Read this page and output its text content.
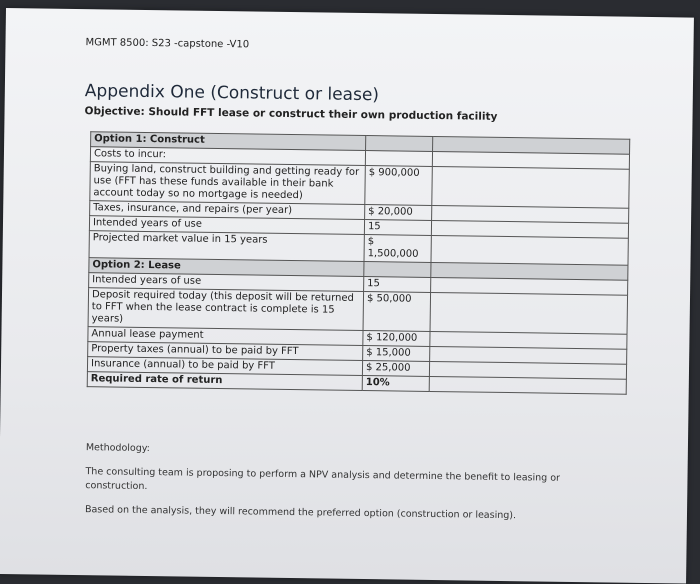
MGMT 8500: S23 -capstone -V10
Appendix One (Construct or lease)
Objective: Should FFT lease or construct their own production facility
Option 1: Construct		
Costs to incur:		
Buying land, construct building and getting ready for use (FFT has these funds available in their bank account today so no mortgage is needed)	$ 900,000	
Taxes, insurance, and repairs (per year)	$ 20,000	
Intended years of use	15	
Projected market value in 15 years	$ 1,500,000	
Option 2: Lease		
Intended years of use	15	
Deposit required today (this deposit will be returned to FFT when the lease contract is complete is 15 years)	$ 50,000	
Annual lease payment	$ 120,000	
Property taxes (annual) to be paid by FFT	$ 15,000	
Insurance (annual) to be paid by FFT	$ 25,000	
Required rate of return	10%	

Methodology:

The consulting team is proposing to perform a NPV analysis and determine the benefit to leasing or construction.

Based on the analysis, they will recommend the preferred option (construction or leasing).
